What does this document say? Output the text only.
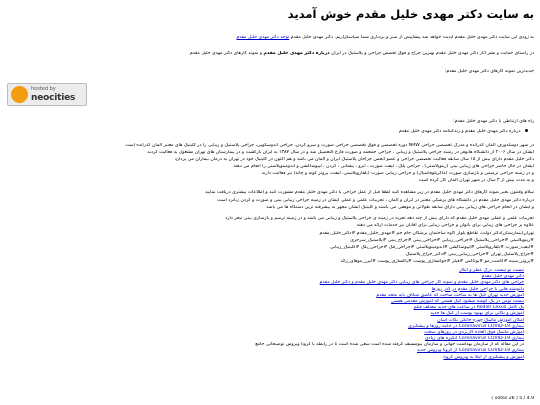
به سایت دکتر مهدی خلیل مقدم خوش آمدید
به زودی این سایت دکتر مهدی خلیل مقدم آپدیت خواهد شد پیشاپیش از صبر و بردباری شما سپاسگزاریم. دکتر مهدی خلیل مقدم توجه دکتر مهدی خلیل مقدم
در راستای حمایت و نشر آثار دکتر مهدی خلیل مقدم بهترین جراح و فوق تخصص جراحی و پلاستیک در ایران درباره دکتر مهدی خلیل مقدم و نمونه کارهای دکتر مهدی خلیل مقدم
جدیدترین نمونه کارهای دکتر مهدی خلیل مقدم:
hosted by
neocities
راه های ارتباطی با دکتر مهدی خلیل مقدم:
درباره دکتر مهدی خلیل مقدم و زندگینامه دکتر مهدی خلیل مقدم
در شهر دوسلدورف آلمان گذرانده و مدرک تخصصی جراحی NRW دوره تخصصی و فوق تخصصی جراحی صورت و سرو گردن، جراحی آندوسکوپی، جراحی پلاستیک و زیبایی را در کلینیک های معتبر آلمان گذرانده است
ایشان در سال ۲۰۰۶ از دانشگاه هانوفر در رشته جراحی پلاستیک و زیبایی ، جراحی جمجمه و صورت فارغ التحصیل شد و در سال ۱۳۸۷ به ایران بازگشت و در بیمارستان های تهران مشغول به فعالیت گردید
دکتر خلیل مقدم دارای بیش از ۱۵ سال سابقه فعالیت تخصصی جراحی و عضو انجمن جراحان پلاستیک ایران و آلمان می باشد و هم اکنون در کلینیک خود در تهران به درمان بیماران می پردازد
ایشان در حال حاضر جراحی های زیبایی بینی (رینوپلاستی) ، جراحی پلک ، لیفت صورت ، ابرو ، پیشانی ، گردن ، لیپوساکشن و ابدومینوپلاستی را انجام می دهند
و در زمینه جراحی ترمیمی و بازسازی صورت (ماگزیلوفاسیال) و جراحی زیبایی صورت (بلفاروپلاستی، لیفت، پروتز گونه و چانه) نیز فعالیت دارند
و به مدت بیش از ۳ سال در شهر تهران آلمان کار کرده است
سلام وقتتون بخیر نمونه کارهای دکتر مهدی خلیل مقدم در زیر مشاهده کنید لطفا قبل از عمل جراحی با دکتر مهدی خلیل مقدم مشورت کنید و اطلاعات بیشتری دریافت نمایید
درباره دکتر مهدی خلیل مقدم در دانشگاه های پزشکی معتبر در ایران و آلمان ، تجربیات علمی و عملی ایشان در زمینه جراحی زیبایی بینی و صورت و گردن زبانزد است
و ایشان در انجام جراحی های زیبایی بینی دارای سابقه طولانی و موفقی می باشند و کلینیک ایشان مجهز به پیشرفته ترین دستگاه ها می باشد
تجربیات علمی و عملی مهدی خلیل مقدم که دارای بیش از چند دهه تجربه در زمینه ی جراحی پلاستیک و زیبایی می باشد و در زمینه ترمیم و بازسازی بینی تبحر دارد
علاوه بر جراحی های زیبایی برای بانوان و جراحی زیبایی برای آقایان نیز خدمات ارائه می دهند
تهران(بیمارستان)دکتر دولت، تقاطع بلوار کاوه ساختمان پزشکان جام جم #مهدی_خلیل_مقدم #دکتر_خلیل_مقدم
#رینوپلاستی #جراحی_پلاستیک #جراحی_زیبایی #جراحی_بینی #جراح_بینی #پلاستیک_سرجری
#لیفت_صورت #بلفاروپلاستی #لیپوساکشن #ابدومینوپلاستی #جراحی_فک #جراحی_پلک #کلینیک_زیبایی
#جراح_پلاستیک_تهران #جراحی_زیبایی_بینی #دکتر_جراح_پلاستیک
#پروتز_سینه #کاشت_مو #بوتاکس #فیلر #جوانسازی_پوست #پاکسازی_پوست #لیزر_موهای_زائد
• نیست تو نیست، درک عطر و انکار
• دکتر مهدی خلیل مقدم
• جراحی های دکتر مهدی خلیل مقدم و نمونه کار جراحی های زیبایی دکتر مهدی خلیل مقدم و دکتر خلیل مقدم
• دلنوشته هایی با جراحی خلیل مقدم در گذر روزها
• آموزش جدید تهران کیک ها به ساخت ساخت که عاشق شکاف بابه متحد مقدم
• بیست تومن در یک گوشه میشود کیک هستی که آموزش مقدمی هستی
• یک کامل Rodier Lexus در ساعت های جدید مختلف فیلم
• آموزش و نکاتی برای بهبود پوست از کیک ها جدید
• امکان آموزش ماسک چهره خانگی نکات آسان
• بیماری Coronavirus COVID-19 در ادامه روزها و پیشگیری
• آموزش ماسک فوق العاده کاربردی در روزهای سخت
• بیماری Coronavirus COVID-19 انگیزه های زیادی
• در این مقاله که از سازمان بهداشت جهانی و سازمان بیومسیف گرفته شده است سعی شده است تا در رابطه با کرونا ویروس توضیحاتی جامع
• بیماری Coronavirus COVID-19 از کرونا ویروس جدید
• آموزش و پیشگیری از ابتلا به ویروس کرونا
4.9 / 5 ( 26 votes )
